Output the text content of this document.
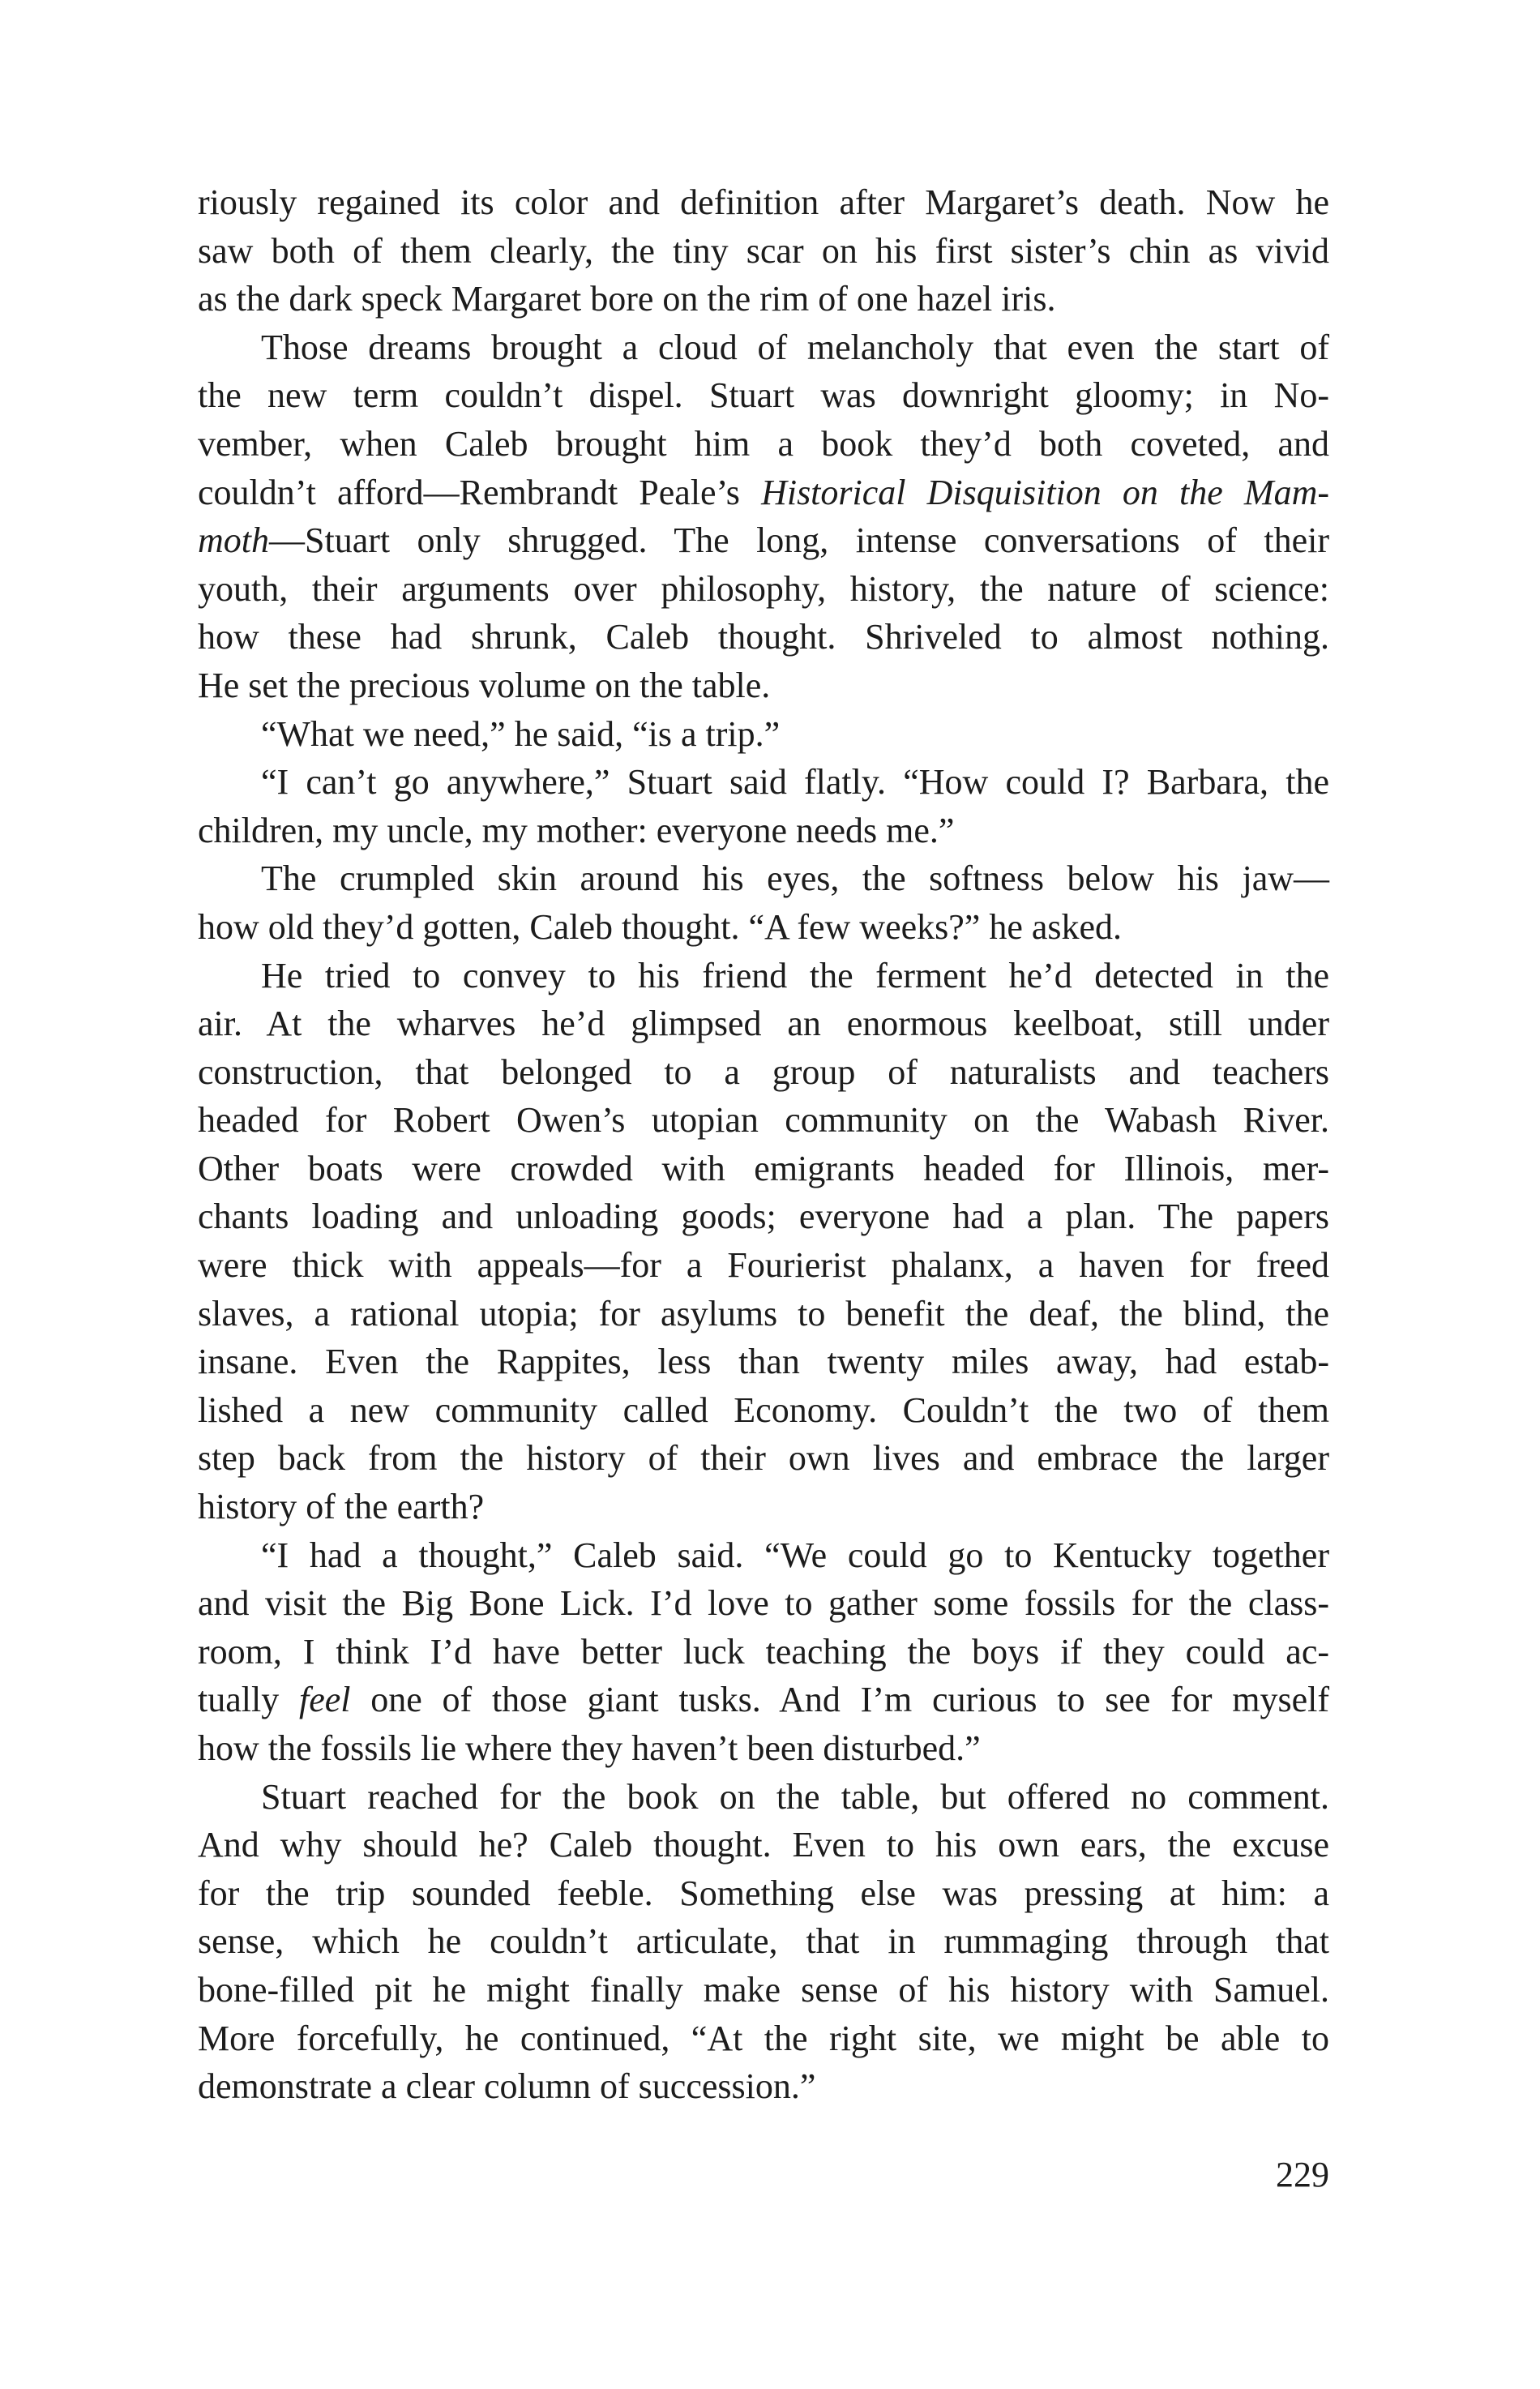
riously regained its color and definition after Margaret’s death. Now he
saw both of them clearly, the tiny scar on his first sister’s chin as vivid
as the dark speck Margaret bore on the rim of one hazel iris.
Those dreams brought a cloud of melancholy that even the start of
the new term couldn’t dispel. Stuart was downright gloomy; in No-
vember, when Caleb brought him a book they’d both coveted, and
couldn’t afford—Rembrandt Peale’s Historical Disquisition on the Mam-
moth—Stuart only shrugged. The long, intense conversations of their
youth, their arguments over philosophy, history, the nature of science:
how these had shrunk, Caleb thought. Shriveled to almost nothing.
He set the precious volume on the table.
“What we need,” he said, “is a trip.”
“I can’t go anywhere,” Stuart said flatly. “How could I? Barbara, the
children, my uncle, my mother: everyone needs me.”
The crumpled skin around his eyes, the softness below his jaw—
how old they’d gotten, Caleb thought. “A few weeks?” he asked.
He tried to convey to his friend the ferment he’d detected in the
air. At the wharves he’d glimpsed an enormous keelboat, still under
construction, that belonged to a group of naturalists and teachers
headed for Robert Owen’s utopian community on the Wabash River.
Other boats were crowded with emigrants headed for Illinois, mer-
chants loading and unloading goods; everyone had a plan. The papers
were thick with appeals—for a Fourierist phalanx, a haven for freed
slaves, a rational utopia; for asylums to benefit the deaf, the blind, the
insane. Even the Rappites, less than twenty miles away, had estab-
lished a new community called Economy. Couldn’t the two of them
step back from the history of their own lives and embrace the larger
history of the earth?
“I had a thought,” Caleb said. “We could go to Kentucky together
and visit the Big Bone Lick. I’d love to gather some fossils for the class-
room, I think I’d have better luck teaching the boys if they could ac-
tually feel one of those giant tusks. And I’m curious to see for myself
how the fossils lie where they haven’t been disturbed.”
Stuart reached for the book on the table, but offered no comment.
And why should he? Caleb thought. Even to his own ears, the excuse
for the trip sounded feeble. Something else was pressing at him: a
sense, which he couldn’t articulate, that in rummaging through that
bone-filled pit he might finally make sense of his history with Samuel.
More forcefully, he continued, “At the right site, we might be able to
demonstrate a clear column of succession.”
229
